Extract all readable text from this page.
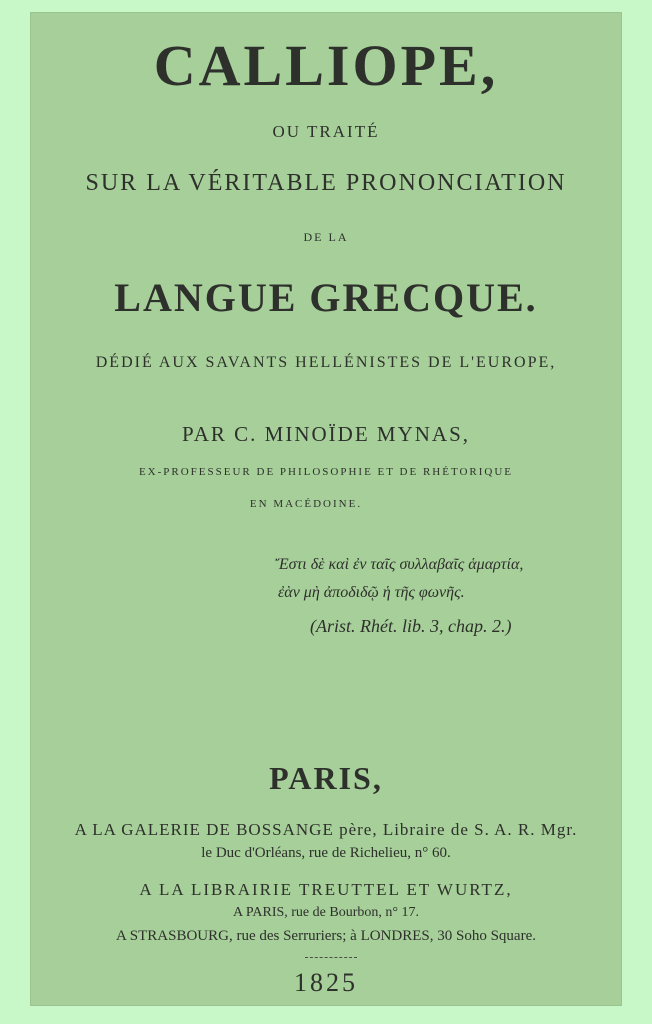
CALLIOPE,
OU TRAITÉ
SUR LA VÉRITABLE PRONONCIATION
DE LA
LANGUE GRECQUE.
DÉDIÉ AUX SAVANTS HELLÉNISTES DE L'EUROPE,
PAR C. MINOÏDE MYNAS,
EX-PROFESSEUR DE PHILOSOPHIE ET DE RHÉTORIQUE
EN MACÉDOINE.
Ἔστι δὲ καὶ ἐν ταῖς συλλαβαῖς ἁμαρτία,
ἐὰν μὴ ἀποδιδῷ ἡ τῆς φωνῆς.
(Arist. Rhét. lib. 3, chap. 2.)
PARIS,
A LA GALERIE DE BOSSANGE père, Libraire de S. A. R. Mgr.
le Duc d'Orléans, rue de Richelieu, n° 60.
A LA LIBRAIRIE TREUTTEL ET WURTZ,
A PARIS, rue de Bourbon, n° 17.
A STRASBOURG, rue des Serruriers; à LONDRES, 30 Soho Square.
1825
